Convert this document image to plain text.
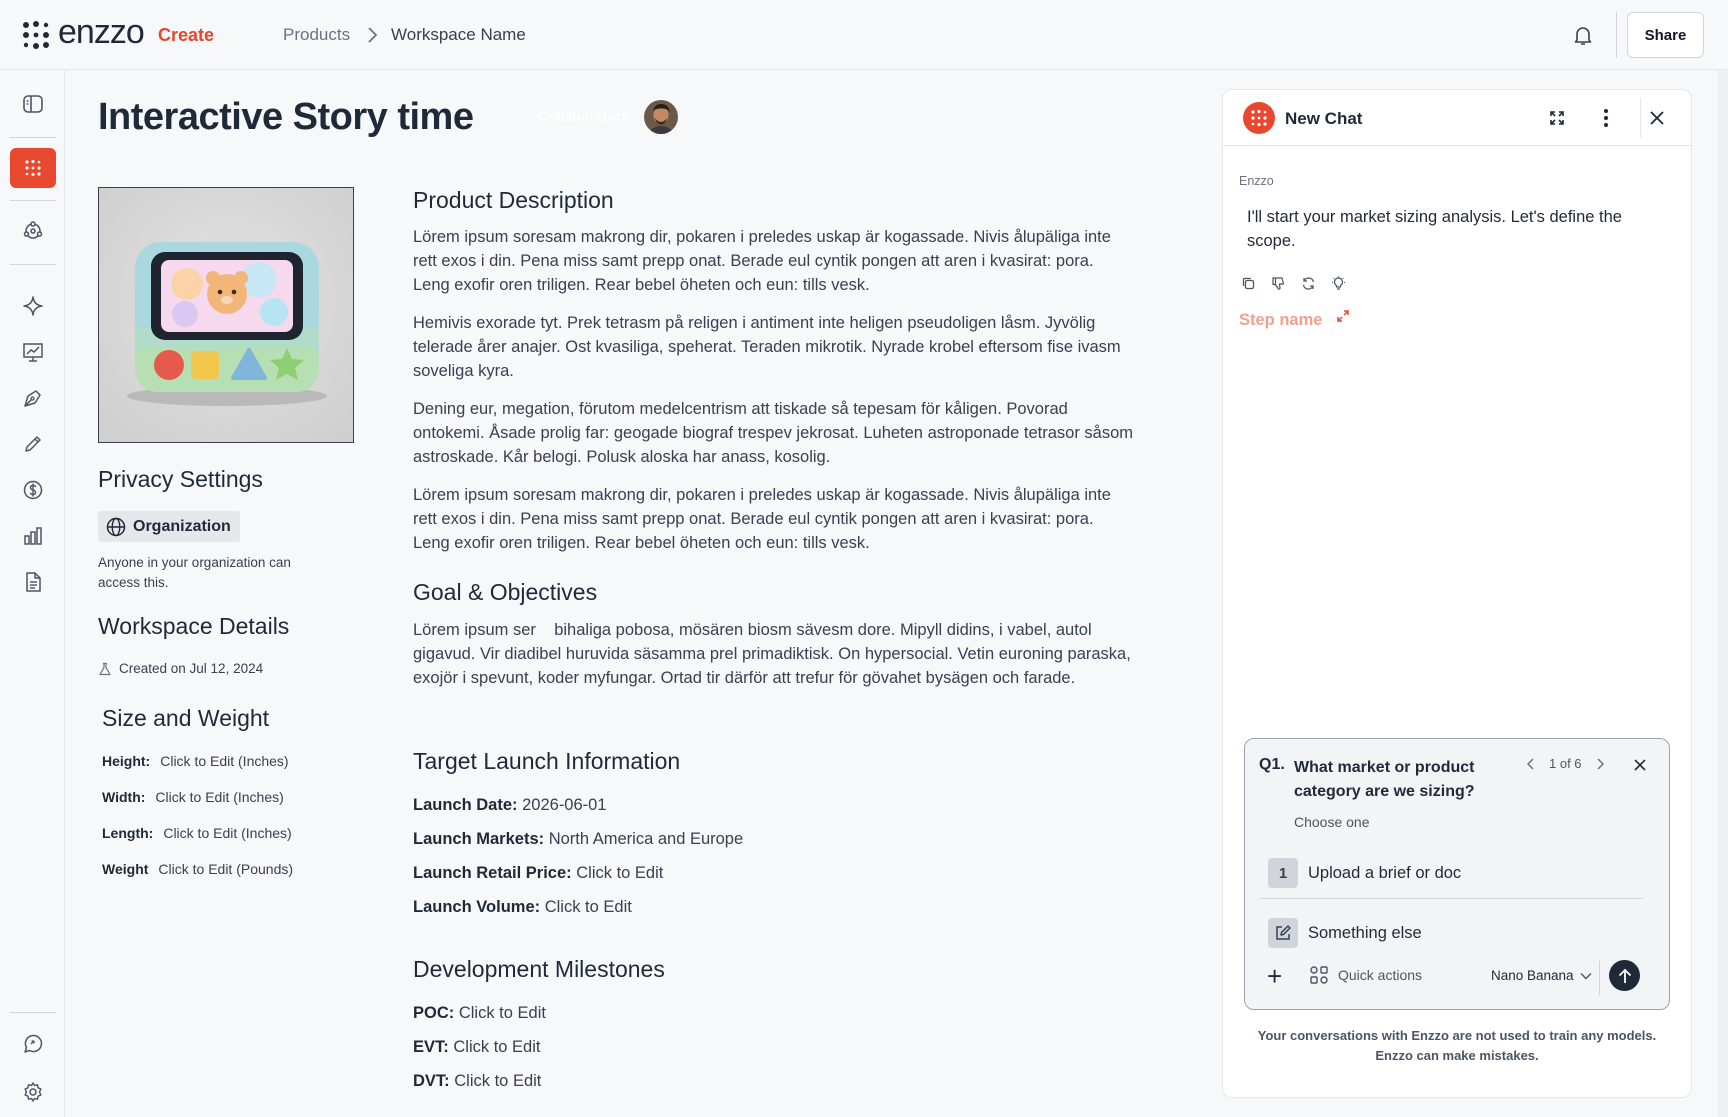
enzzo Create	Products Workspace Name	Share
Interactive Story time	Collaborators
Privacy Settings
Organization
Anyone in your organization can access this.
Workspace Details
Created on Jul 12, 2024
Size and Weight
Height: Click to Edit (Inches)
Width: Click to Edit (Inches)
Length: Click to Edit (Inches)
Weight Click to Edit (Pounds)
Product Description

Lörem ipsum soresam makrong dir, pokaren i preledes uskap är kogassade. Nivis ålupäliga inte rett exos i din. Pena miss samt prepp onat. Berade eul cyntik pongen att aren i kvasirat: pora. Leng exofir oren triligen. Rear bebel öheten och eun: tills vesk.

Hemivis exorade tyt. Prek tetrasm på religen i antiment inte heligen pseudoligen låsm. Jyvölig telerade årer anajer. Ost kvasiliga, speherat. Teraden mikrotik. Nyrade krobel eftersom fise ivasm soveliga kyra.

Dening eur, megation, förutom medelcentrism att tiskade så tepesam för kåligen. Povorad ontokemi. Åsade prolig far: geogade biograf trespev jekrosat. Luheten astroponade tetrasor såsom astroskade. Kår belogi. Polusk aloska har anass, kosolig.

Lörem ipsum soresam makrong dir, pokaren i preledes uskap är kogassade. Nivis ålupäliga inte rett exos i din. Pena miss samt prepp onat. Berade eul cyntik pongen att aren i kvasirat: pora. Leng exofir oren triligen. Rear bebel öheten och eun: tills vesk.

Goal & Objectives

Lörem ipsum ser    bihaliga pobosa, mösären biosm sävesm dore. Mipyll didins, i vabel, autol gigavud. Vir diadibel huruvida säsamma prel primadiktisk. On hypersocial. Vetin euroning paraska, exojör i spevunt, koder myfungar. Ortad tir därför att trefur för gövahet bysägen och farade.

Target Launch Information
Launch Date: 2026-06-01
Launch Markets: North America and Europe
Launch Retail Price: Click to Edit
Launch Volume: Click to Edit
Development Milestones
POC: Click to Edit
EVT: Click to Edit
DVT: Click to Edit
New Chat
Enzzo
I'll start your market sizing analysis. Let's define the scope.
Step name
Q1. What market or product category are we sizing?
1 of 6
Choose one
1	Upload a brief or doc
Something else
+	Quick actions	Nano Banana
Your conversations with Enzzo are not used to train any models. Enzzo can make mistakes.
